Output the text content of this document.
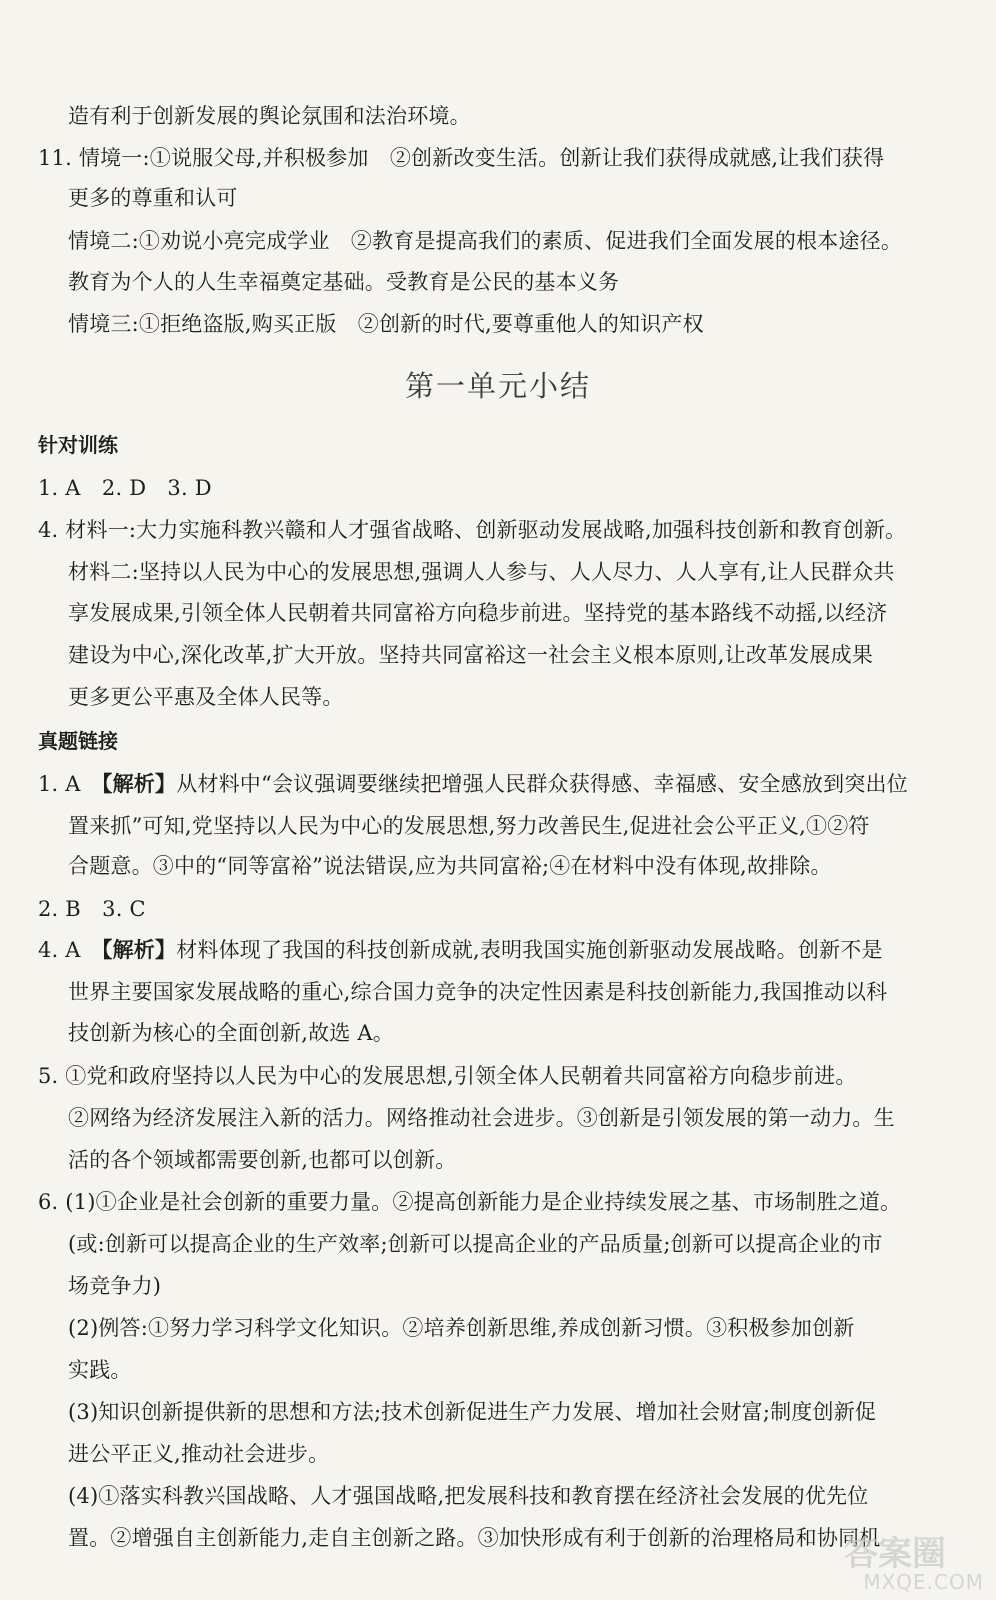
造有利于创新发展的舆论氛围和法治环境。
11. 情境一:①说服父母,并积极参加　②创新改变生活。创新让我们获得成就感,让我们获得
更多的尊重和认可
情境二:①劝说小亮完成学业　②教育是提高我们的素质、促进我们全面发展的根本途径。
教育为个人的人生幸福奠定基础。受教育是公民的基本义务
情境三:①拒绝盗版,购买正版　②创新的时代,要尊重他人的知识产权
第一单元小结
针对训练
1. A　2. D　3. D
4. 材料一:大力实施科教兴赣和人才强省战略、创新驱动发展战略,加强科技创新和教育创新。
材料二:坚持以人民为中心的发展思想,强调人人参与、人人尽力、人人享有,让人民群众共
享发展成果,引领全体人民朝着共同富裕方向稳步前进。坚持党的基本路线不动摇,以经济
建设为中心,深化改革,扩大开放。坚持共同富裕这一社会主义根本原则,让改革发展成果
更多更公平惠及全体人民等。
真题链接
1. A　【解析】从材料中“会议强调要继续把增强人民群众获得感、幸福感、安全感放到突出位
置来抓”可知,党坚持以人民为中心的发展思想,努力改善民生,促进社会公平正义,①②符
合题意。③中的“同等富裕”说法错误,应为共同富裕;④在材料中没有体现,故排除。
2. B　3. C
4. A　【解析】材料体现了我国的科技创新成就,表明我国实施创新驱动发展战略。创新不是
世界主要国家发展战略的重心,综合国力竞争的决定性因素是科技创新能力,我国推动以科
技创新为核心的全面创新,故选 A。
5. ①党和政府坚持以人民为中心的发展思想,引领全体人民朝着共同富裕方向稳步前进。
②网络为经济发展注入新的活力。网络推动社会进步。③创新是引领发展的第一动力。生
活的各个领域都需要创新,也都可以创新。
6. (1)①企业是社会创新的重要力量。②提高创新能力是企业持续发展之基、市场制胜之道。
(或:创新可以提高企业的生产效率;创新可以提高企业的产品质量;创新可以提高企业的市
场竞争力)
(2)例答:①努力学习科学文化知识。②培养创新思维,养成创新习惯。③积极参加创新
实践。
(3)知识创新提供新的思想和方法;技术创新促进生产力发展、增加社会财富;制度创新促
进公平正义,推动社会进步。
(4)①落实科教兴国战略、人才强国战略,把发展科技和教育摆在经济社会发展的优先位
置。②增强自主创新能力,走自主创新之路。③加快形成有利于创新的治理格局和协同机
答案圈
MXQE.COM
